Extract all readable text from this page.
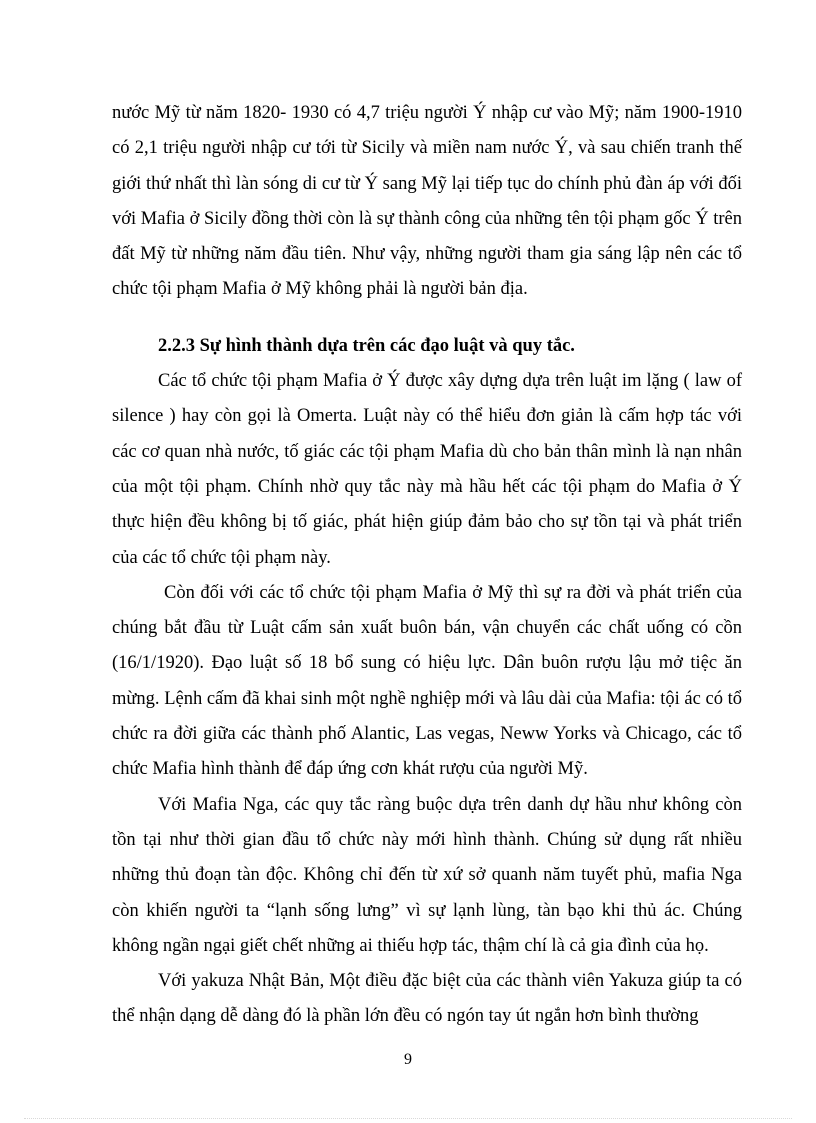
nước Mỹ từ năm 1820- 1930 có 4,7 triệu người Ý nhập cư vào Mỹ; năm 1900-1910 có 2,1 triệu người nhập cư tới từ Sicily và miền nam nước Ý, và sau chiến tranh thế giới thứ nhất thì làn sóng di cư từ Ý sang Mỹ lại tiếp tục do chính phủ đàn áp với đối với Mafia ở Sicily đồng thời còn là sự thành công của những tên tội phạm gốc Ý trên đất Mỹ từ những năm đầu tiên. Như vậy, những người tham gia sáng lập nên các tổ chức tội phạm Mafia ở Mỹ không phải là người bản địa.

2.2.3 Sự hình thành dựa trên các đạo luật và quy tắc.

Các tổ chức tội phạm Mafia ở Ý được xây dựng dựa trên luật im lặng ( law of silence ) hay còn gọi là Omerta. Luật này có thể hiểu đơn giản là cấm hợp tác với các cơ quan nhà nước, tố giác các tội phạm Mafia dù cho bản thân mình là nạn nhân của một tội phạm. Chính nhờ quy tắc này mà hầu hết các tội phạm do Mafia ở Ý thực hiện đều không bị tố giác, phát hiện giúp đảm bảo cho sự tồn tại và phát triển của các tổ chức tội phạm này.

Còn đối với các tổ chức tội phạm Mafia ở Mỹ thì sự ra đời và phát triển của chúng bắt đầu từ Luật cấm sản xuất buôn bán, vận chuyển các chất uống có cồn (16/1/1920). Đạo luật số 18 bổ sung có hiệu lực. Dân buôn rượu lậu mở tiệc ăn mừng. Lệnh cấm đã khai sinh một nghề nghiệp mới và lâu dài của Mafia: tội ác có tổ chức ra đời giữa các thành phố Alantic, Las vegas, Neww Yorks và Chicago, các tổ chức Mafia hình thành để đáp ứng cơn khát rượu của người Mỹ.

Với Mafia Nga, các quy tắc ràng buộc dựa trên danh dự hầu như không còn tồn tại như thời gian đầu tổ chức này mới hình thành. Chúng sử dụng rất nhiều những thủ đoạn tàn độc. Không chỉ đến từ xứ sở quanh năm tuyết phủ, mafia Nga còn khiến người ta “lạnh sống lưng” vì sự lạnh lùng, tàn bạo khi thủ ác. Chúng không ngần ngại giết chết những ai thiếu hợp tác, thậm chí là cả gia đình của họ.

Với yakuza Nhật Bản, Một điều đặc biệt của các thành viên Yakuza giúp ta có thể nhận dạng dễ dàng đó là phần lớn đều có ngón tay út ngắn hơn bình thường

9
